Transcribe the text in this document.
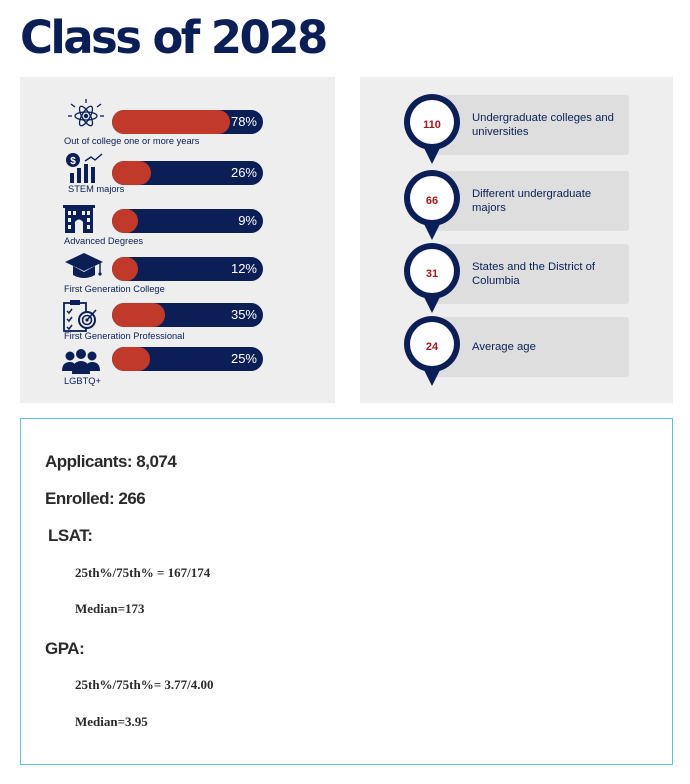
Class of 2028
Out of college one or more years
78%
$
STEM majors
26%
Advanced Degrees
9%
First Generation College
12%
First Generation Professional
35%
LGBTQ+
25%
Undergraduate colleges and universities
110
Different undergraduate majors
66
States and the District of Columbia
31
Average age
24
Applicants: 8,074
Enrolled: 266
LSAT:
25th%/75th% = 167/174
Median=173
GPA:
25th%/75th%= 3.77/4.00
Median=3.95
